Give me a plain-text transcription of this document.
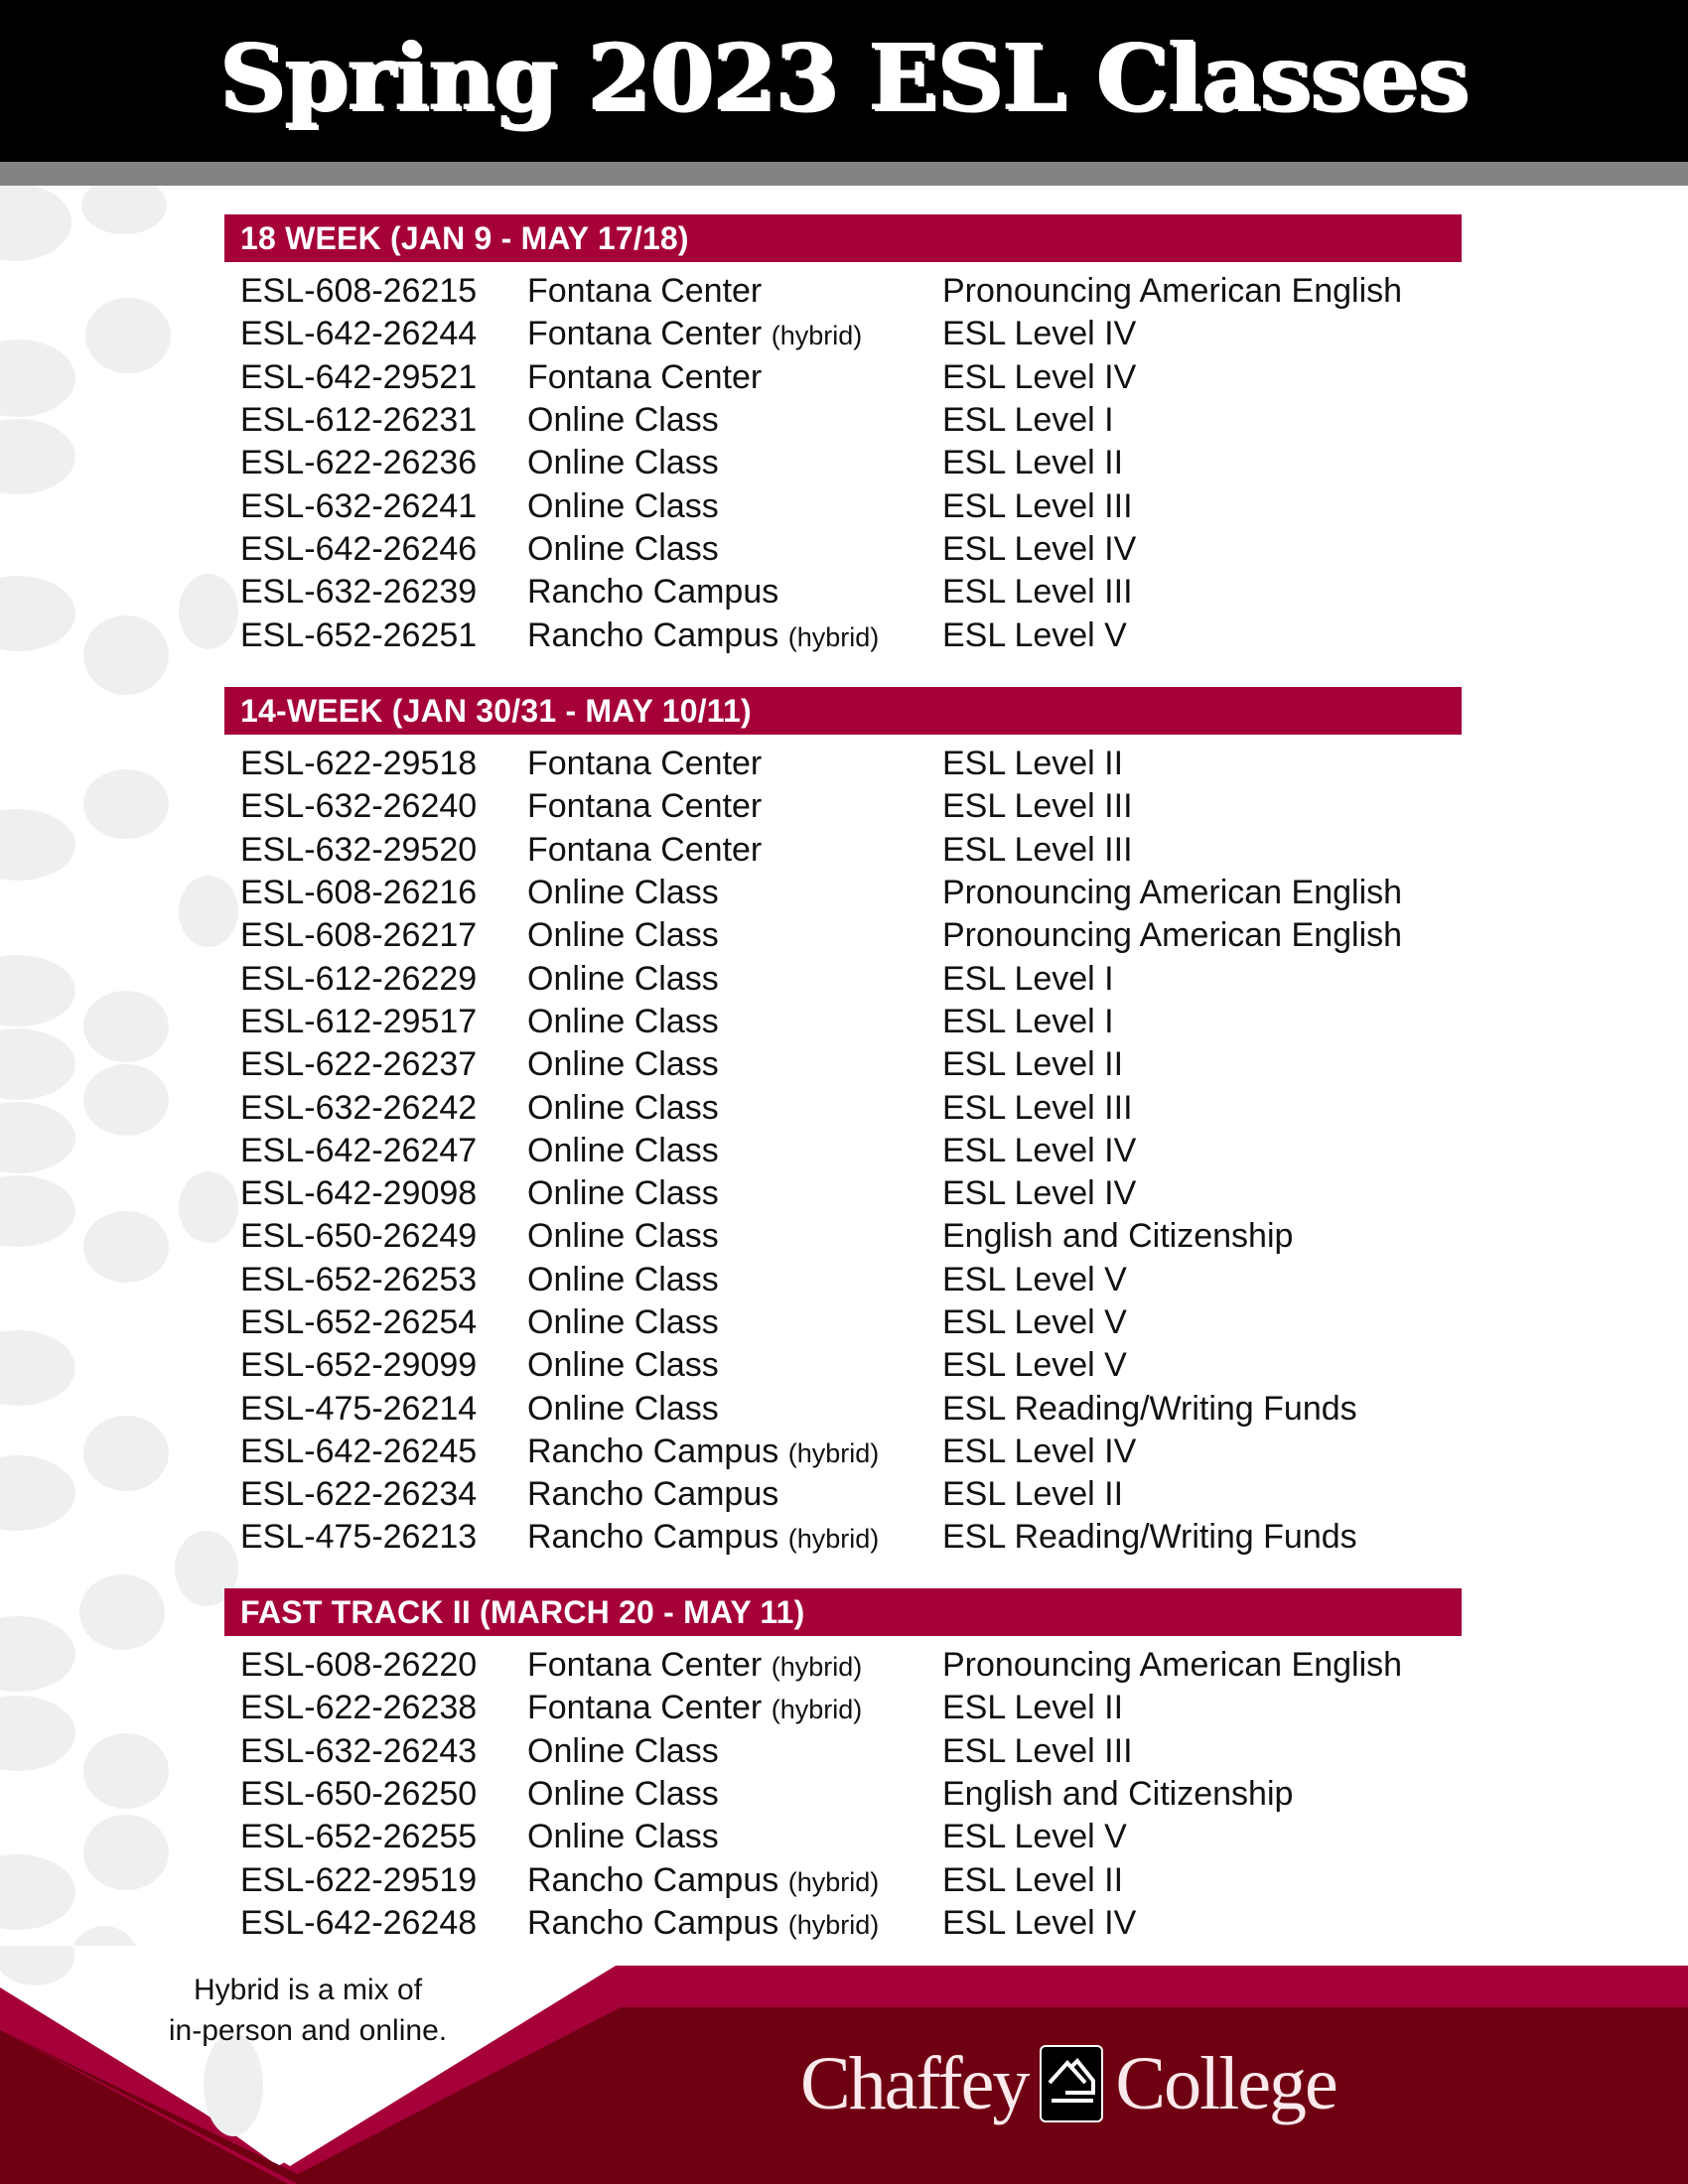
Spring 2023 ESL Classes
18 WEEK (JAN 9 - MAY 17/18)
ESL-608-26215	Fontana Center	Pronouncing American English
ESL-642-26244	Fontana Center (hybrid)	ESL Level IV
ESL-642-29521	Fontana Center	ESL Level IV
ESL-612-26231	Online Class	ESL Level I
ESL-622-26236	Online Class	ESL Level II
ESL-632-26241	Online Class	ESL Level III
ESL-642-26246	Online Class	ESL Level IV
ESL-632-26239	Rancho Campus	ESL Level III
ESL-652-26251	Rancho Campus (hybrid)	ESL Level V
14-WEEK (JAN 30/31 - MAY 10/11)
ESL-622-29518	Fontana Center	ESL Level II
ESL-632-26240	Fontana Center	ESL Level III
ESL-632-29520	Fontana Center	ESL Level III
ESL-608-26216	Online Class	Pronouncing American English
ESL-608-26217	Online Class	Pronouncing American English
ESL-612-26229	Online Class	ESL Level I
ESL-612-29517	Online Class	ESL Level I
ESL-622-26237	Online Class	ESL Level II
ESL-632-26242	Online Class	ESL Level III
ESL-642-26247	Online Class	ESL Level IV
ESL-642-29098	Online Class	ESL Level IV
ESL-650-26249	Online Class	English and Citizenship
ESL-652-26253	Online Class	ESL Level V
ESL-652-26254	Online Class	ESL Level V
ESL-652-29099	Online Class	ESL Level V
ESL-475-26214	Online Class	ESL Reading/Writing Funds
ESL-642-26245	Rancho Campus (hybrid)	ESL Level IV
ESL-622-26234	Rancho Campus	ESL Level II
ESL-475-26213	Rancho Campus (hybrid)	ESL Reading/Writing Funds
FAST TRACK II (MARCH 20 - MAY 11)
ESL-608-26220	Fontana Center (hybrid)	Pronouncing American English
ESL-622-26238	Fontana Center (hybrid)	ESL Level II
ESL-632-26243	Online Class	ESL Level III
ESL-650-26250	Online Class	English and Citizenship
ESL-652-26255	Online Class	ESL Level V
ESL-622-29519	Rancho Campus (hybrid)	ESL Level II
ESL-642-26248	Rancho Campus (hybrid)	ESL Level IV
Hybrid is a mix of
in-person and online.
Chaffey College
